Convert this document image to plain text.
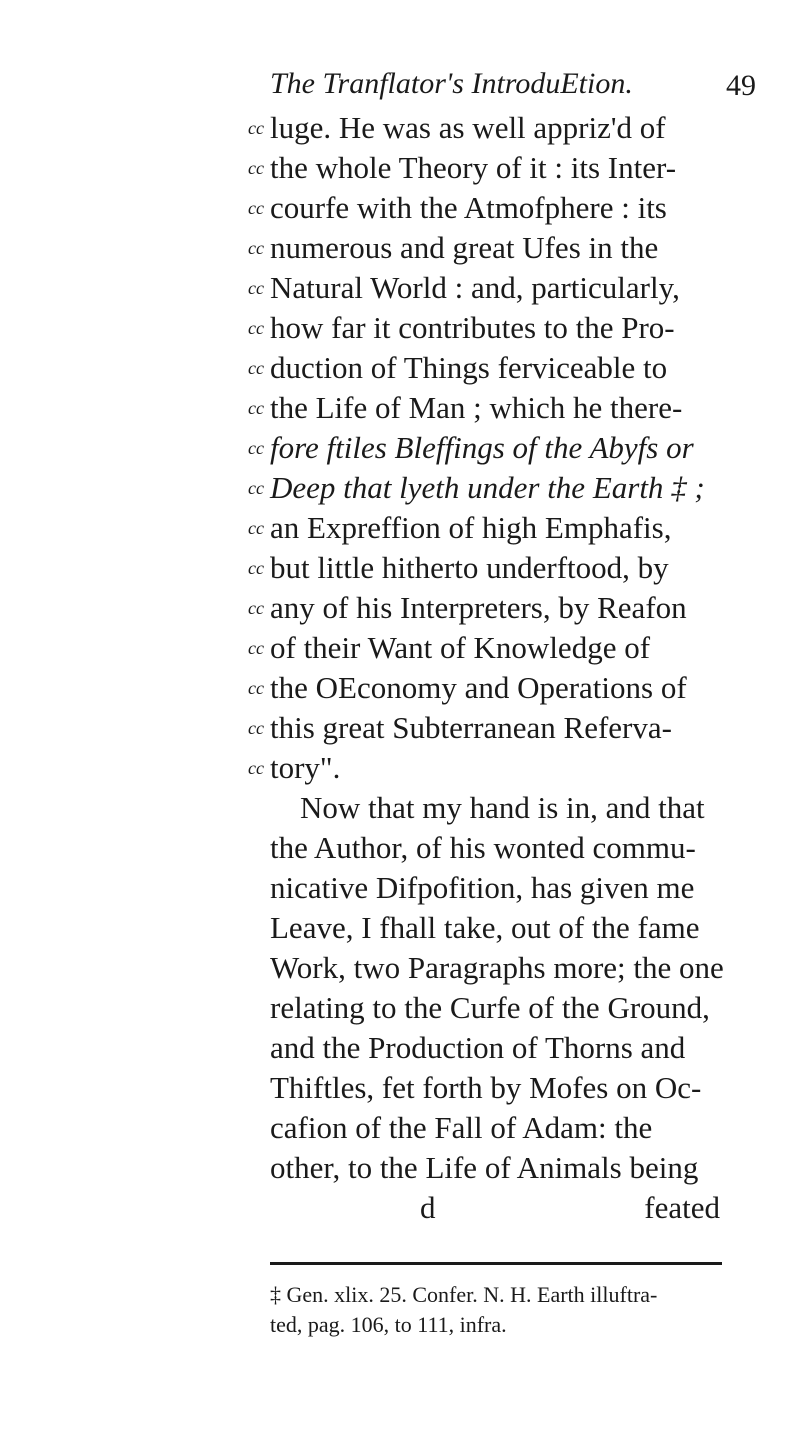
The Tranflator's IntroduEtion.	49
cc
cc
cc
cc
cc
cc
cc
cc
cc
cc
cc
cc
cc
cc
cc
cc
cc
luge. He was as well appriz'd of
the whole Theory of it : its Inter-
courfe with the Atmofphere : its
numerous and great Ufes in the
Natural World : and, particularly,
how far it contributes to the Pro-
duction of Things ferviceable to
the Life of Man ; which he there-
fore ftiles Bleffings of the Abyfs or
Deep that lyeth under the Earth ‡ ;
an Expreffion of high Emphafis,
but little hitherto underftood, by
any of his Interpreters, by Reafon
of their Want of Knowledge of
the OEconomy and Operations of
this great Subterranean Referva-
tory".
Now that my hand is in, and that
the Author, of his wonted commu-
nicative Difpofition, has given me
Leave, I fhall take, out of the fame
Work, two Paragraphs more; the one
relating to the Curfe of the Ground,
and the Production of Thorns and
Thiftles, fet forth by Mofes on Oc-
cafion of the Fall of Adam: the
other, to the Life of Animals being
d	feated
‡ Gen. xlix. 25. Confer. N. H. Earth illuftra-
ted, pag. 106, to 111, infra.
